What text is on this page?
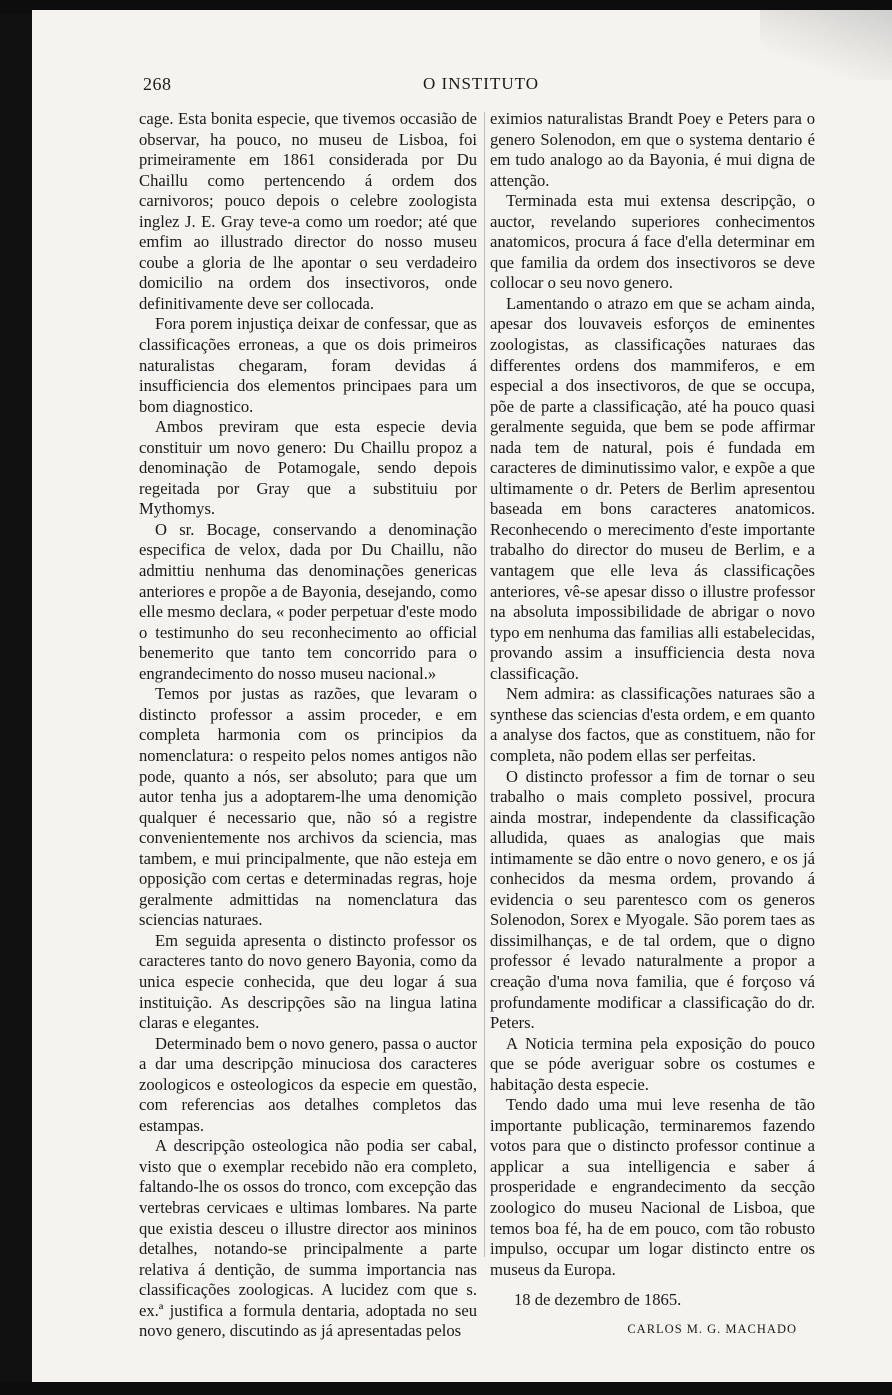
268	O INSTITUTO

cage. Esta bonita especie, que tivemos occasião de observar, ha pouco, no museu de Lisboa, foi primeiramente em 1861 considerada por Du Chaillu como pertencendo á ordem dos carnivoros; pouco depois o celebre zoologista inglez J. E. Gray teve-a como um roedor; até que emfim ao illustrado director do nosso museu coube a gloria de lhe apontar o seu verdadeiro domicilio na ordem dos insectivoros, onde definitivamente deve ser collocada.

Fora porem injustiça deixar de confessar, que as classificações erroneas, a que os dois primeiros naturalistas chegaram, foram devidas á insufficiencia dos elementos principaes para um bom diagnostico.

Ambos previram que esta especie devia constituir um novo genero: Du Chaillu propoz a denominação de Potamogale, sendo depois regeitada por Gray que a substituiu por Mythomys.

O sr. Bocage, conservando a denominação especifica de velox, dada por Du Chaillu, não admittiu nenhuma das denominações genericas anteriores e propõe a de Bayonia, desejando, como elle mesmo declara, « poder perpetuar d'este modo o testimunho do seu reconhecimento ao official benemerito que tanto tem concorrido para o engrandecimento do nosso museu nacional.»

Temos por justas as razões, que levaram o distincto professor a assim proceder, e em completa harmonia com os principios da nomenclatura: o respeito pelos nomes antigos não pode, quanto a nós, ser absoluto; para que um autor tenha jus a adoptarem-lhe uma denomição qualquer é necessario que, não só a registre convenientemente nos archivos da sciencia, mas tambem, e mui principalmente, que não esteja em opposição com certas e determinadas regras, hoje geralmente admittidas na nomenclatura das sciencias naturaes.

Em seguida apresenta o distincto professor os caracteres tanto do novo genero Bayonia, como da unica especie conhecida, que deu logar á sua instituição. As descripções são na lingua latina claras e elegantes.

Determinado bem o novo genero, passa o auctor a dar uma descripção minuciosa dos caracteres zoologicos e osteologicos da especie em questão, com referencias aos detalhes completos das estampas.

A descripção osteologica não podia ser cabal, visto que o exemplar recebido não era completo, faltando-lhe os ossos do tronco, com excepção das vertebras cervicaes e ultimas lombares. Na parte que existia desceu o illustre director aos mininos detalhes, notando-se principalmente a parte relativa á dentição, de summa importancia nas classificações zoologicas. A lucidez com que s. ex.ª justifica a formula dentaria, adoptada no seu novo genero, discutindo as já apresentadas pelos

eximios naturalistas Brandt Poey e Peters para o genero Solenodon, em que o systema dentario é em tudo analogo ao da Bayonia, é mui digna de attenção.

Terminada esta mui extensa descripção, o auctor, revelando superiores conhecimentos anatomicos, procura á face d'ella determinar em que familia da ordem dos insectivoros se deve collocar o seu novo genero.

Lamentando o atrazo em que se acham ainda, apesar dos louvaveis esforços de eminentes zoologistas, as classificações naturaes das differentes ordens dos mammiferos, e em especial a dos insectivoros, de que se occupa, põe de parte a classificação, até ha pouco quasi geralmente seguida, que bem se pode affirmar nada tem de natural, pois é fundada em caracteres de diminutissimo valor, e expõe a que ultimamente o dr. Peters de Berlim apresentou baseada em bons caracteres anatomicos. Reconhecendo o merecimento d'este importante trabalho do director do museu de Berlim, e a vantagem que elle leva ás classificações anteriores, vê-se apesar disso o illustre professor na absoluta impossibilidade de abrigar o novo typo em nenhuma das familias alli estabelecidas, provando assim a insufficiencia desta nova classificação.

Nem admira: as classificações naturaes são a synthese das sciencias d'esta ordem, e em quanto a analyse dos factos, que as constituem, não for completa, não podem ellas ser perfeitas.

O distincto professor a fim de tornar o seu trabalho o mais completo possivel, procura ainda mostrar, independente da classificação alludida, quaes as analogias que mais intimamente se dão entre o novo genero, e os já conhecidos da mesma ordem, provando á evidencia o seu parentesco com os generos Solenodon, Sorex e Myogale. São porem taes as dissimilhanças, e de tal ordem, que o digno professor é levado naturalmente a propor a creação d'uma nova familia, que é forçoso vá profundamente modificar a classificação do dr. Peters.

A Noticia termina pela exposição do pouco que se póde averiguar sobre os costumes e habitação desta especie.

Tendo dado uma mui leve resenha de tão importante publicação, terminaremos fazendo votos para que o distincto professor continue a applicar a sua intelligencia e saber á prosperidade e engrandecimento da secção zoologico do museu Nacional de Lisboa, que temos boa fé, ha de em pouco, com tão robusto impulso, occupar um logar distincto entre os museus da Europa.

18 de dezembro de 1865.

CARLOS M. G. MACHADO
